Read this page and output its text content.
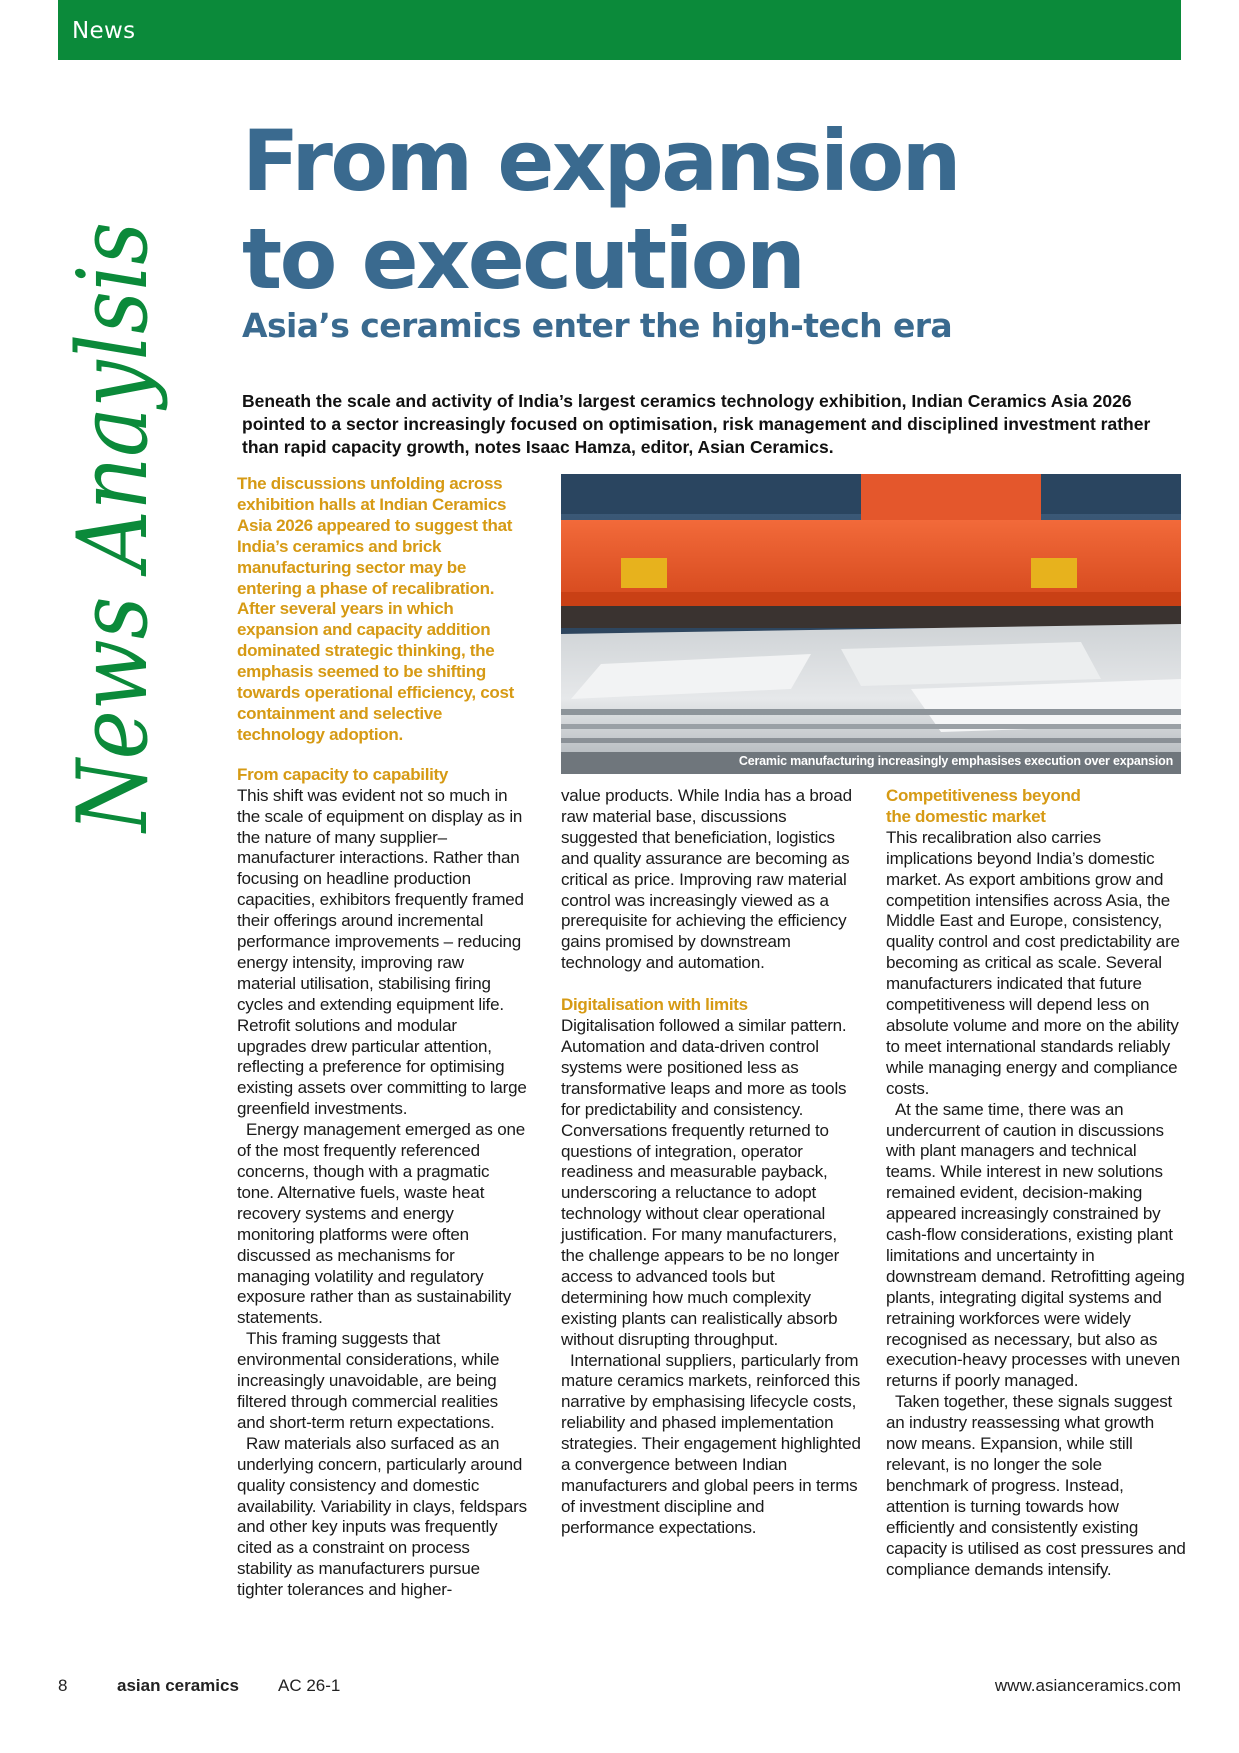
News
News Anaylsis From expansion
to execution
Asia’s ceramics enter the high-tech era
Beneath the scale and activity of India’s largest ceramics technology exhibition, Indian Ceramics Asia 2026 pointed to a sector increasingly focused on optimisation, risk management and disciplined investment rather than rapid capacity growth, notes Isaac Hamza, editor, Asian Ceramics.

The discussions unfolding across exhibition halls at Indian Ceramics Asia 2026 appeared to suggest that India’s ceramics and brick manufacturing sector may be entering a phase of recalibration. After several years in which expansion and capacity addition dominated strategic thinking, the emphasis seemed to be shifting towards operational efficiency, cost containment and selective technology adoption.

From capacity to capability

This shift was evident not so much in the scale of equipment on display as in the nature of many supplier–manufacturer interactions. Rather than focusing on headline production capacities, exhibitors frequently framed their offerings around incremental performance improvements – reducing energy intensity, improving raw material utilisation, stabilising firing cycles and extending equipment life. Retrofit solutions and modular upgrades drew particular attention, reflecting a preference for optimising existing assets over committing to large greenfield investments.

Energy management emerged as one of the most frequently referenced concerns, though with a pragmatic tone. Alternative fuels, waste heat recovery systems and energy monitoring platforms were often discussed as mechanisms for managing volatility and regulatory exposure rather than as sustainability statements.

This framing suggests that environmental considerations, while increasingly unavoidable, are being filtered through commercial realities and short-term return expectations.

Raw materials also surfaced as an underlying concern, particularly around quality consistency and domestic availability. Variability in clays, feldspars and other key inputs was frequently cited as a constraint on process stability as manufacturers pursue tighter tolerances and higher-

Ceramic manufacturing increasingly emphasises execution over expansion

value products. While India has a broad raw material base, discussions suggested that beneficiation, logistics and quality assurance are becoming as critical as price. Improving raw material control was increasingly viewed as a prerequisite for achieving the efficiency gains promised by downstream technology and automation.

Digitalisation with limits

Digitalisation followed a similar pattern. Automation and data-driven control systems were positioned less as transformative leaps and more as tools for predictability and consistency. Conversations frequently returned to questions of integration, operator readiness and measurable payback, underscoring a reluctance to adopt technology without clear operational justification. For many manufacturers, the challenge appears to be no longer access to advanced tools but determining how much complexity existing plants can realistically absorb without disrupting throughput.

International suppliers, particularly from mature ceramics markets, reinforced this narrative by emphasising lifecycle costs, reliability and phased implementation strategies. Their engagement highlighted a convergence between Indian manufacturers and global peers in terms of investment discipline and performance expectations.

Competitiveness beyond

the domestic market

This recalibration also carries implications beyond India’s domestic market. As export ambitions grow and competition intensifies across Asia, the Middle East and Europe, consistency, quality control and cost predictability are becoming as critical as scale. Several manufacturers indicated that future competitiveness will depend less on absolute volume and more on the ability to meet international standards reliably while managing energy and compliance costs.

At the same time, there was an undercurrent of caution in discussions with plant managers and technical teams. While interest in new solutions remained evident, decision-making appeared increasingly constrained by cash-flow considerations, existing plant limitations and uncertainty in downstream demand. Retrofitting ageing plants, integrating digital systems and retraining workforces were widely recognised as necessary, but also as execution-heavy processes with uneven returns if poorly managed.

Taken together, these signals suggest an industry reassessing what growth now means. Expansion, while still relevant, is no longer the sole benchmark of progress. Instead, attention is turning towards how efficiently and consistently existing capacity is utilised as cost pressures and compliance demands intensify.

8	asian ceramics AC 26-1	www.asianceramics.com
